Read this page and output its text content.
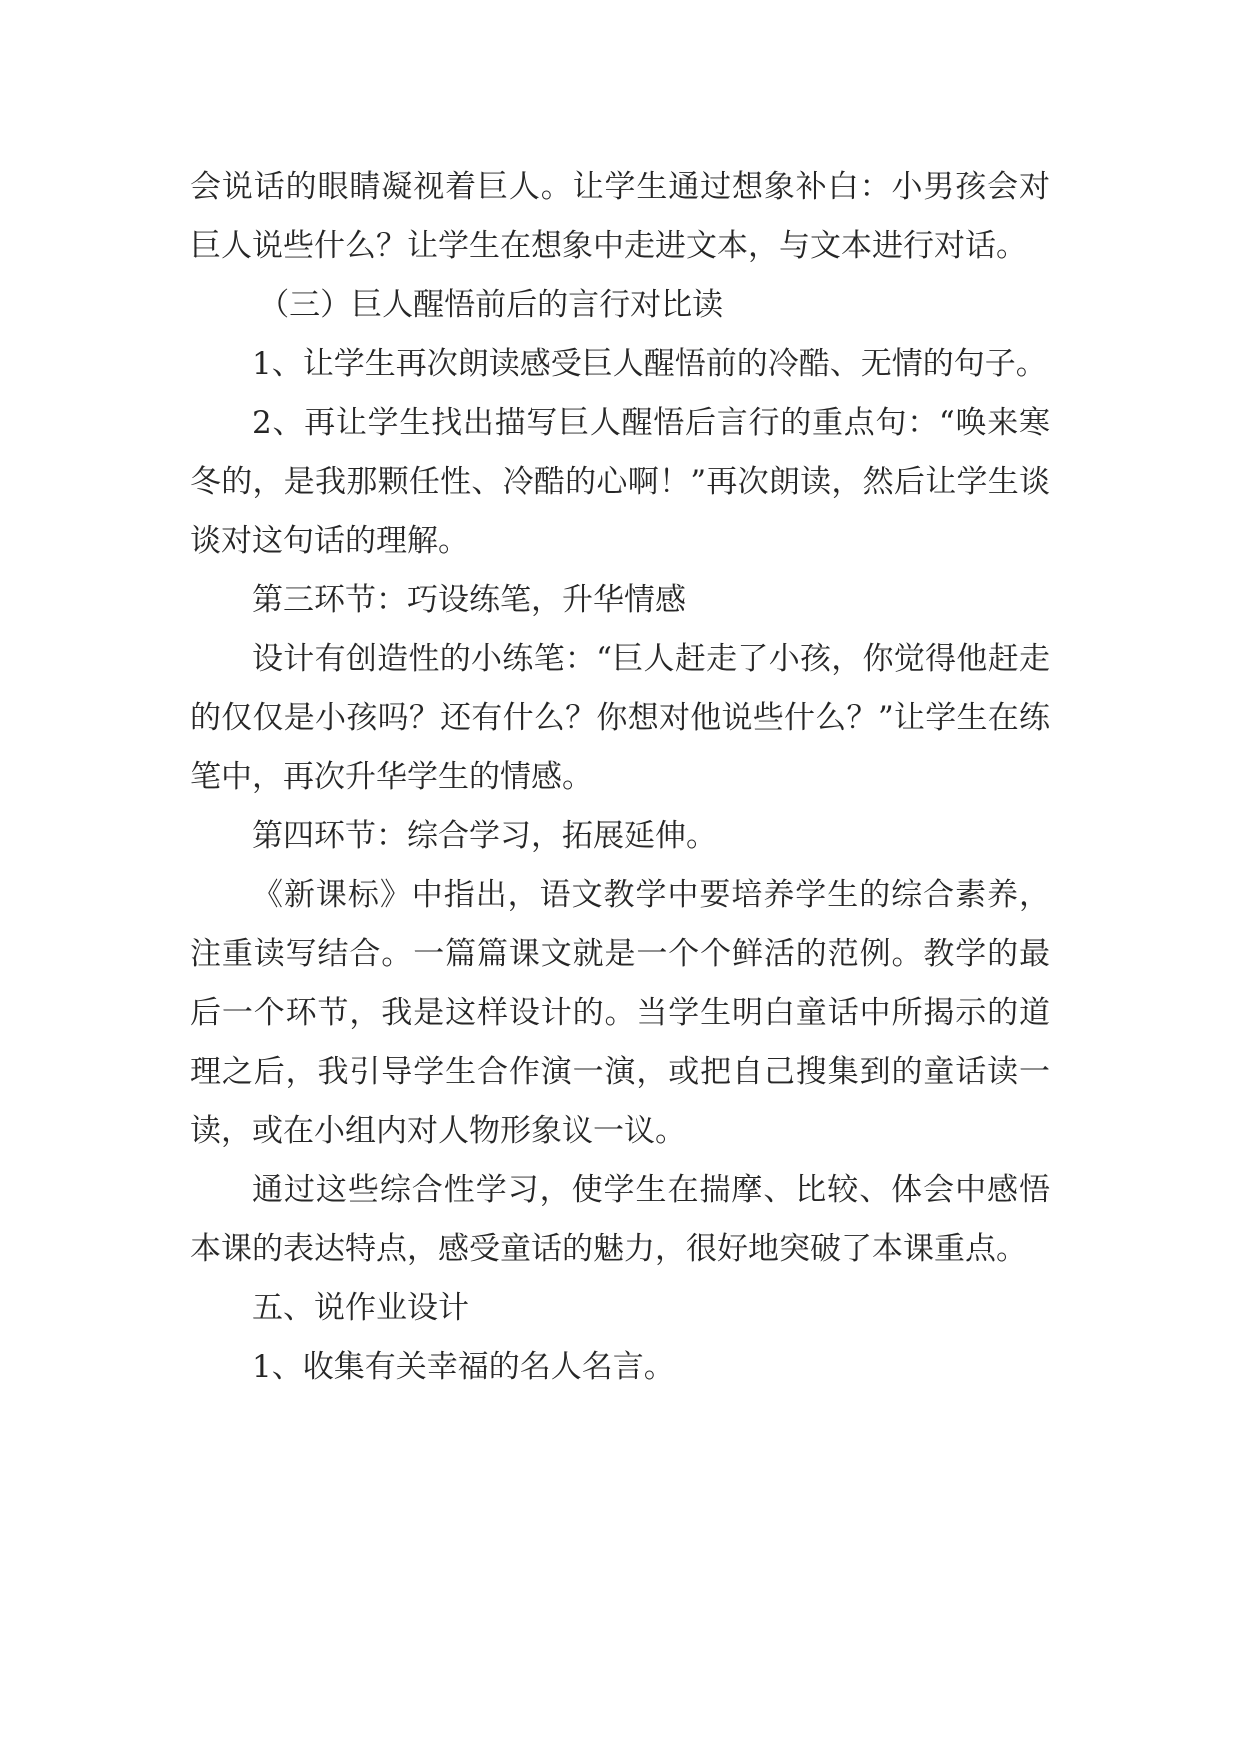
会说话的眼睛凝视着巨人。让学生通过想象补白：小男孩会对巨人说些什么？让学生在想象中走进文本，与文本进行对话。

（三）巨人醒悟前后的言行对比读

1、让学生再次朗读感受巨人醒悟前的冷酷、无情的句子。

2、再让学生找出描写巨人醒悟后言行的重点句：“唤来寒冬的，是我那颗任性、冷酷的心啊！”再次朗读，然后让学生谈谈对这句话的理解。

第三环节：巧设练笔，升华情感

设计有创造性的小练笔：“巨人赶走了小孩，你觉得他赶走的仅仅是小孩吗？还有什么？你想对他说些什么？”让学生在练笔中，再次升华学生的情感。

第四环节：综合学习，拓展延伸。

《新课标》中指出，语文教学中要培养学生的综合素养，注重读写结合。一篇篇课文就是一个个鲜活的范例。教学的最后一个环节，我是这样设计的。当学生明白童话中所揭示的道理之后，我引导学生合作演一演，或把自己搜集到的童话读一读，或在小组内对人物形象议一议。

通过这些综合性学习，使学生在揣摩、比较、体会中感悟本课的表达特点，感受童话的魅力，很好地突破了本课重点。

五、说作业设计

1、收集有关幸福的名人名言。
